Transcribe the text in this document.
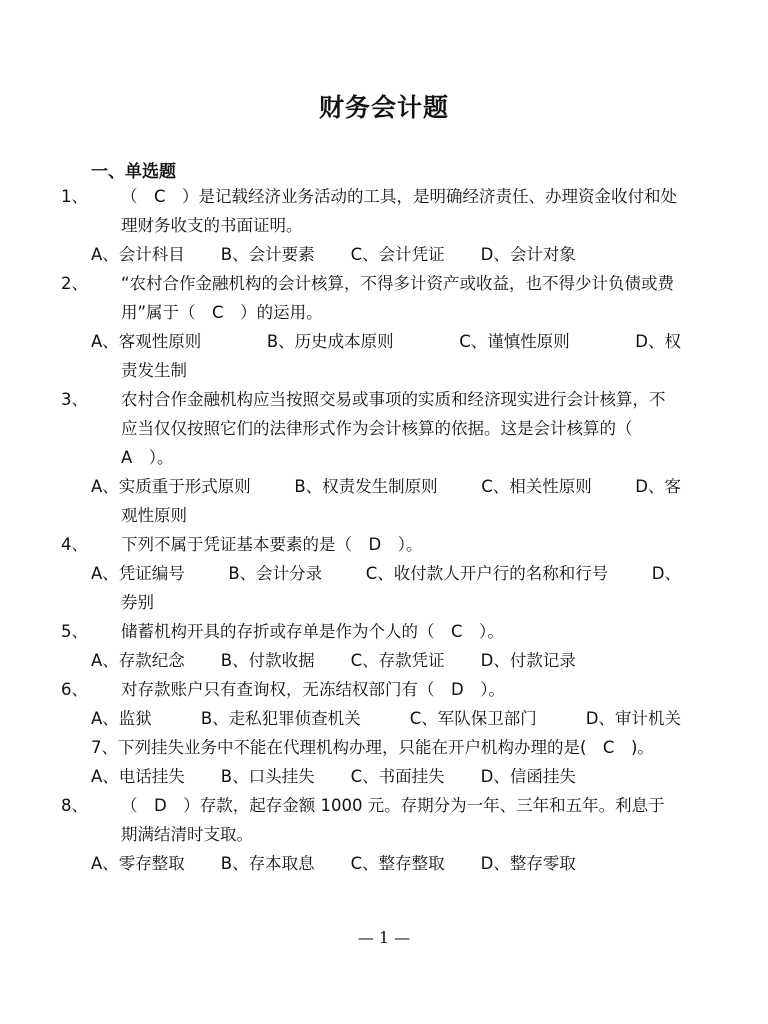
财务会计题
一、单选题
1、 （　C　）是记载经济业务活动的工具，是明确经济责任、办理资金收付和处理财务收支的书面证明。
A、会计科目 B、会计要素 C、会计凭证 D、会计对象
2、 “农村合作金融机构的会计核算，不得多计资产或收益，也不得少计负债或费用”属于（　C　）的运用。
A、客观性原则	B、历史成本原则	C、谨慎性原则	D、权
责发生制
3、 农村合作金融机构应当按照交易或事项的实质和经济现实进行会计核算，不应当仅仅按照它们的法律形式作为会计核算的依据。这是会计核算的（　A　）。
A、实质重于形式原则	B、权责发生制原则	C、相关性原则	D、客
观性原则
4、 下列不属于凭证基本要素的是（　D　）。
A、凭证编号	B、会计分录	C、收付款人开户行的名称和行号	D、
券别
5、 储蓄机构开具的存折或存单是作为个人的（　C　）。
A、存款纪念 B、付款收据 C、存款凭证 D、付款记录
6、 对存款账户只有查询权，无冻结权部门有（　D　）。
A、监狱	B、走私犯罪侦查机关	C、军队保卫部门	D、审计机关
7、下列挂失业务中不能在代理机构办理，只能在开户机构办理的是(　C　)。
A、电话挂失 B、口头挂失 C、书面挂失 D、信函挂失
8、 （　D　）存款，起存金额 1000 元。存期分为一年、三年和五年。利息于期满结清时支取。
A、零存整取 B、存本取息 C、整存整取 D、整存零取
— 1 —
